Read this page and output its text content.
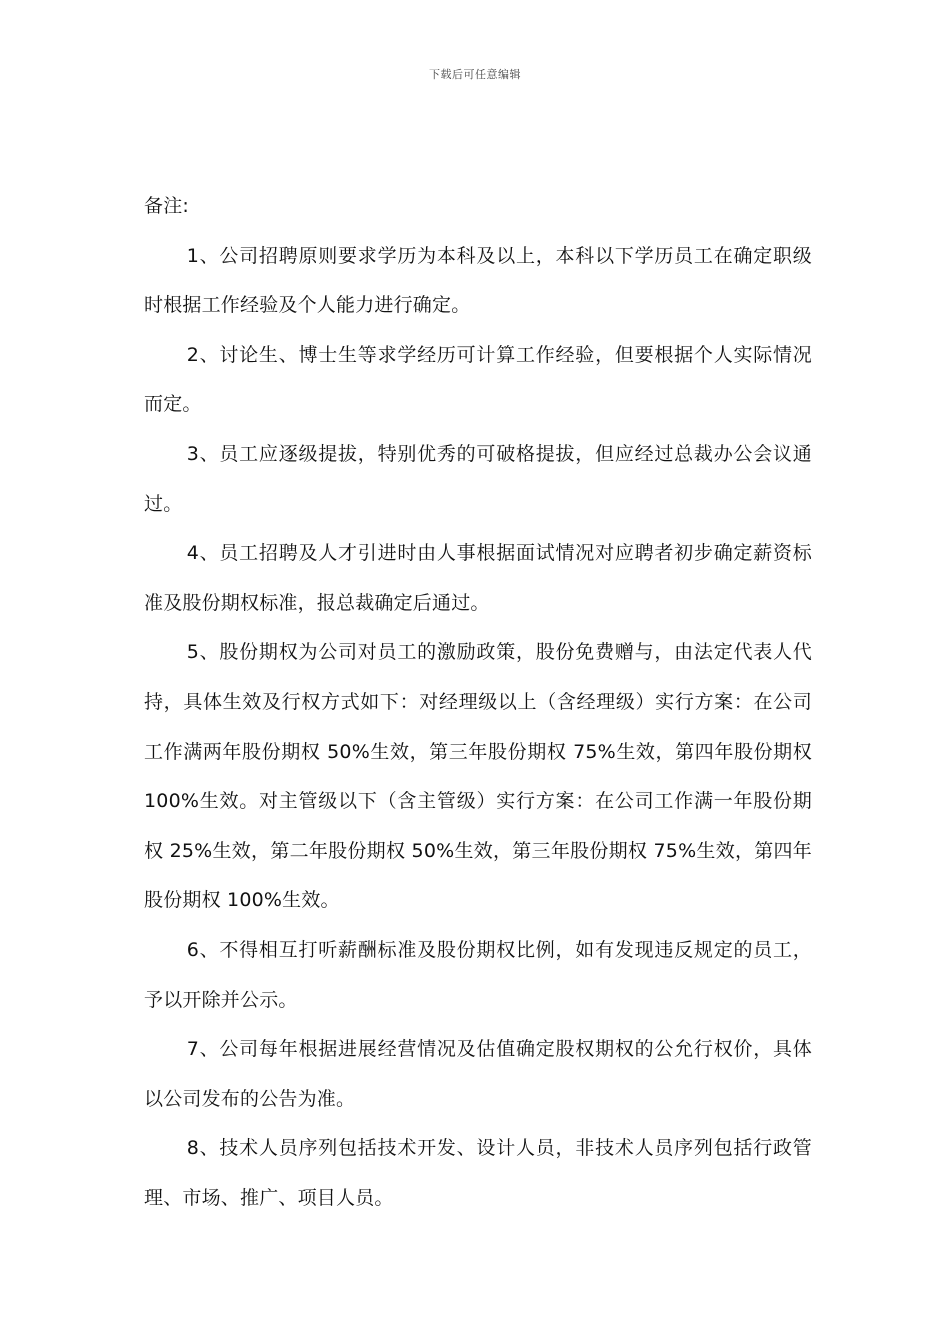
下载后可任意编辑

备注:

1、公司招聘原则要求学历为本科及以上，本科以下学历员工在确定职级时根据工作经验及个人能力进行确定。

2、讨论生、博士生等求学经历可计算工作经验，但要根据个人实际情况而定。

3、员工应逐级提拔，特别优秀的可破格提拔，但应经过总裁办公会议通过。

4、员工招聘及人才引进时由人事根据面试情况对应聘者初步确定薪资标准及股份期权标准，报总裁确定后通过。

5、股份期权为公司对员工的激励政策，股份免费赠与，由法定代表人代持，具体生效及行权方式如下：对经理级以上（含经理级）实行方案：在公司工作满两年股份期权 50%生效，第三年股份期权 75%生效，第四年股份期权 100%生效。对主管级以下（含主管级）实行方案：在公司工作满一年股份期权 25%生效，第二年股份期权 50%生效，第三年股份期权 75%生效，第四年股份期权 100%生效。

6、不得相互打听薪酬标准及股份期权比例，如有发现违反规定的员工，予以开除并公示。

7、公司每年根据进展经营情况及估值确定股权期权的公允行权价，具体以公司发布的公告为准。

8、技术人员序列包括技术开发、设计人员，非技术人员序列包括行政管理、市场、推广、项目人员。
